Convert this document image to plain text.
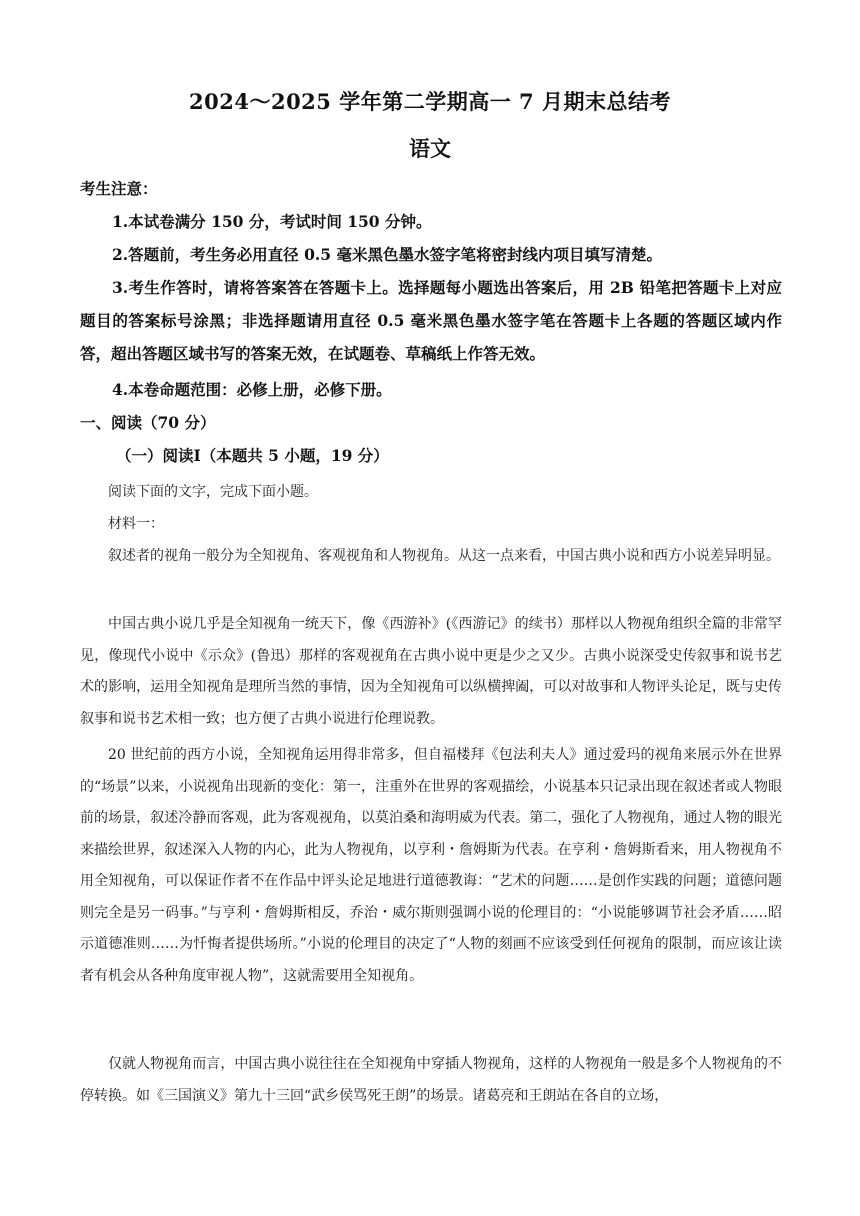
2024～2025 学年第二学期高一 7 月期末总结考
语文
考生注意：
1.本试卷满分 150 分，考试时间 150 分钟。
2.答题前，考生务必用直径 0.5 毫米黑色墨水签字笔将密封线内项目填写清楚。
3.考生作答时，请将答案答在答题卡上。选择题每小题选出答案后，用 2B 铅笔把答题卡上对应题目的答案标号涂黑；非选择题请用直径 0.5 毫米黑色墨水签字笔在答题卡上各题的答题区域内作答，超出答题区域书写的答案无效，在试题卷、草稿纸上作答无效。
4.本卷命题范围：必修上册，必修下册。
一、阅读（70 分）
（一）阅读Ⅰ（本题共 5 小题，19 分）
阅读下面的文字，完成下面小题。
材料一：
叙述者的视角一般分为全知视角、客观视角和人物视角。从这一点来看，中国古典小说和西方小说差异明显。
中国古典小说几乎是全知视角一统天下，像《西游补》(《西游记》的续书）那样以人物视角组织全篇的非常罕见，像现代小说中《示众》(鲁迅）那样的客观视角在古典小说中更是少之又少。古典小说深受史传叙事和说书艺术的影响，运用全知视角是理所当然的事情，因为全知视角可以纵横捭阖，可以对故事和人物评头论足，既与史传叙事和说书艺术相一致；也方便了古典小说进行伦理说教。
20 世纪前的西方小说，全知视角运用得非常多，但自福楼拜《包法利夫人》通过爱玛的视角来展示外在世界的“场景”以来，小说视角出现新的变化：第一，注重外在世界的客观描绘，小说基本只记录出现在叙述者或人物眼前的场景，叙述冷静而客观，此为客观视角，以莫泊桑和海明威为代表。第二，强化了人物视角，通过人物的眼光来描绘世界，叙述深入人物的内心，此为人物视角，以亨利・詹姆斯为代表。在亨利・詹姆斯看来，用人物视角不用全知视角，可以保证作者不在作品中评头论足地进行道德教诲：“艺术的问题……是创作实践的问题；道德问题则完全是另一码事。”与亨利・詹姆斯相反，乔治・威尔斯则强调小说的伦理目的：“小说能够调节社会矛盾……昭示道德准则……为忏悔者提供场所。”小说的伦理目的决定了“人物的刻画不应该受到任何视角的限制，而应该让读者有机会从各种角度审视人物”，这就需要用全知视角。
仅就人物视角而言，中国古典小说往往在全知视角中穿插人物视角，这样的人物视角一般是多个人物视角的不停转换。如《三国演义》第九十三回“武乡侯骂死王朗”的场景。诸葛亮和王朗站在各自的立场，
